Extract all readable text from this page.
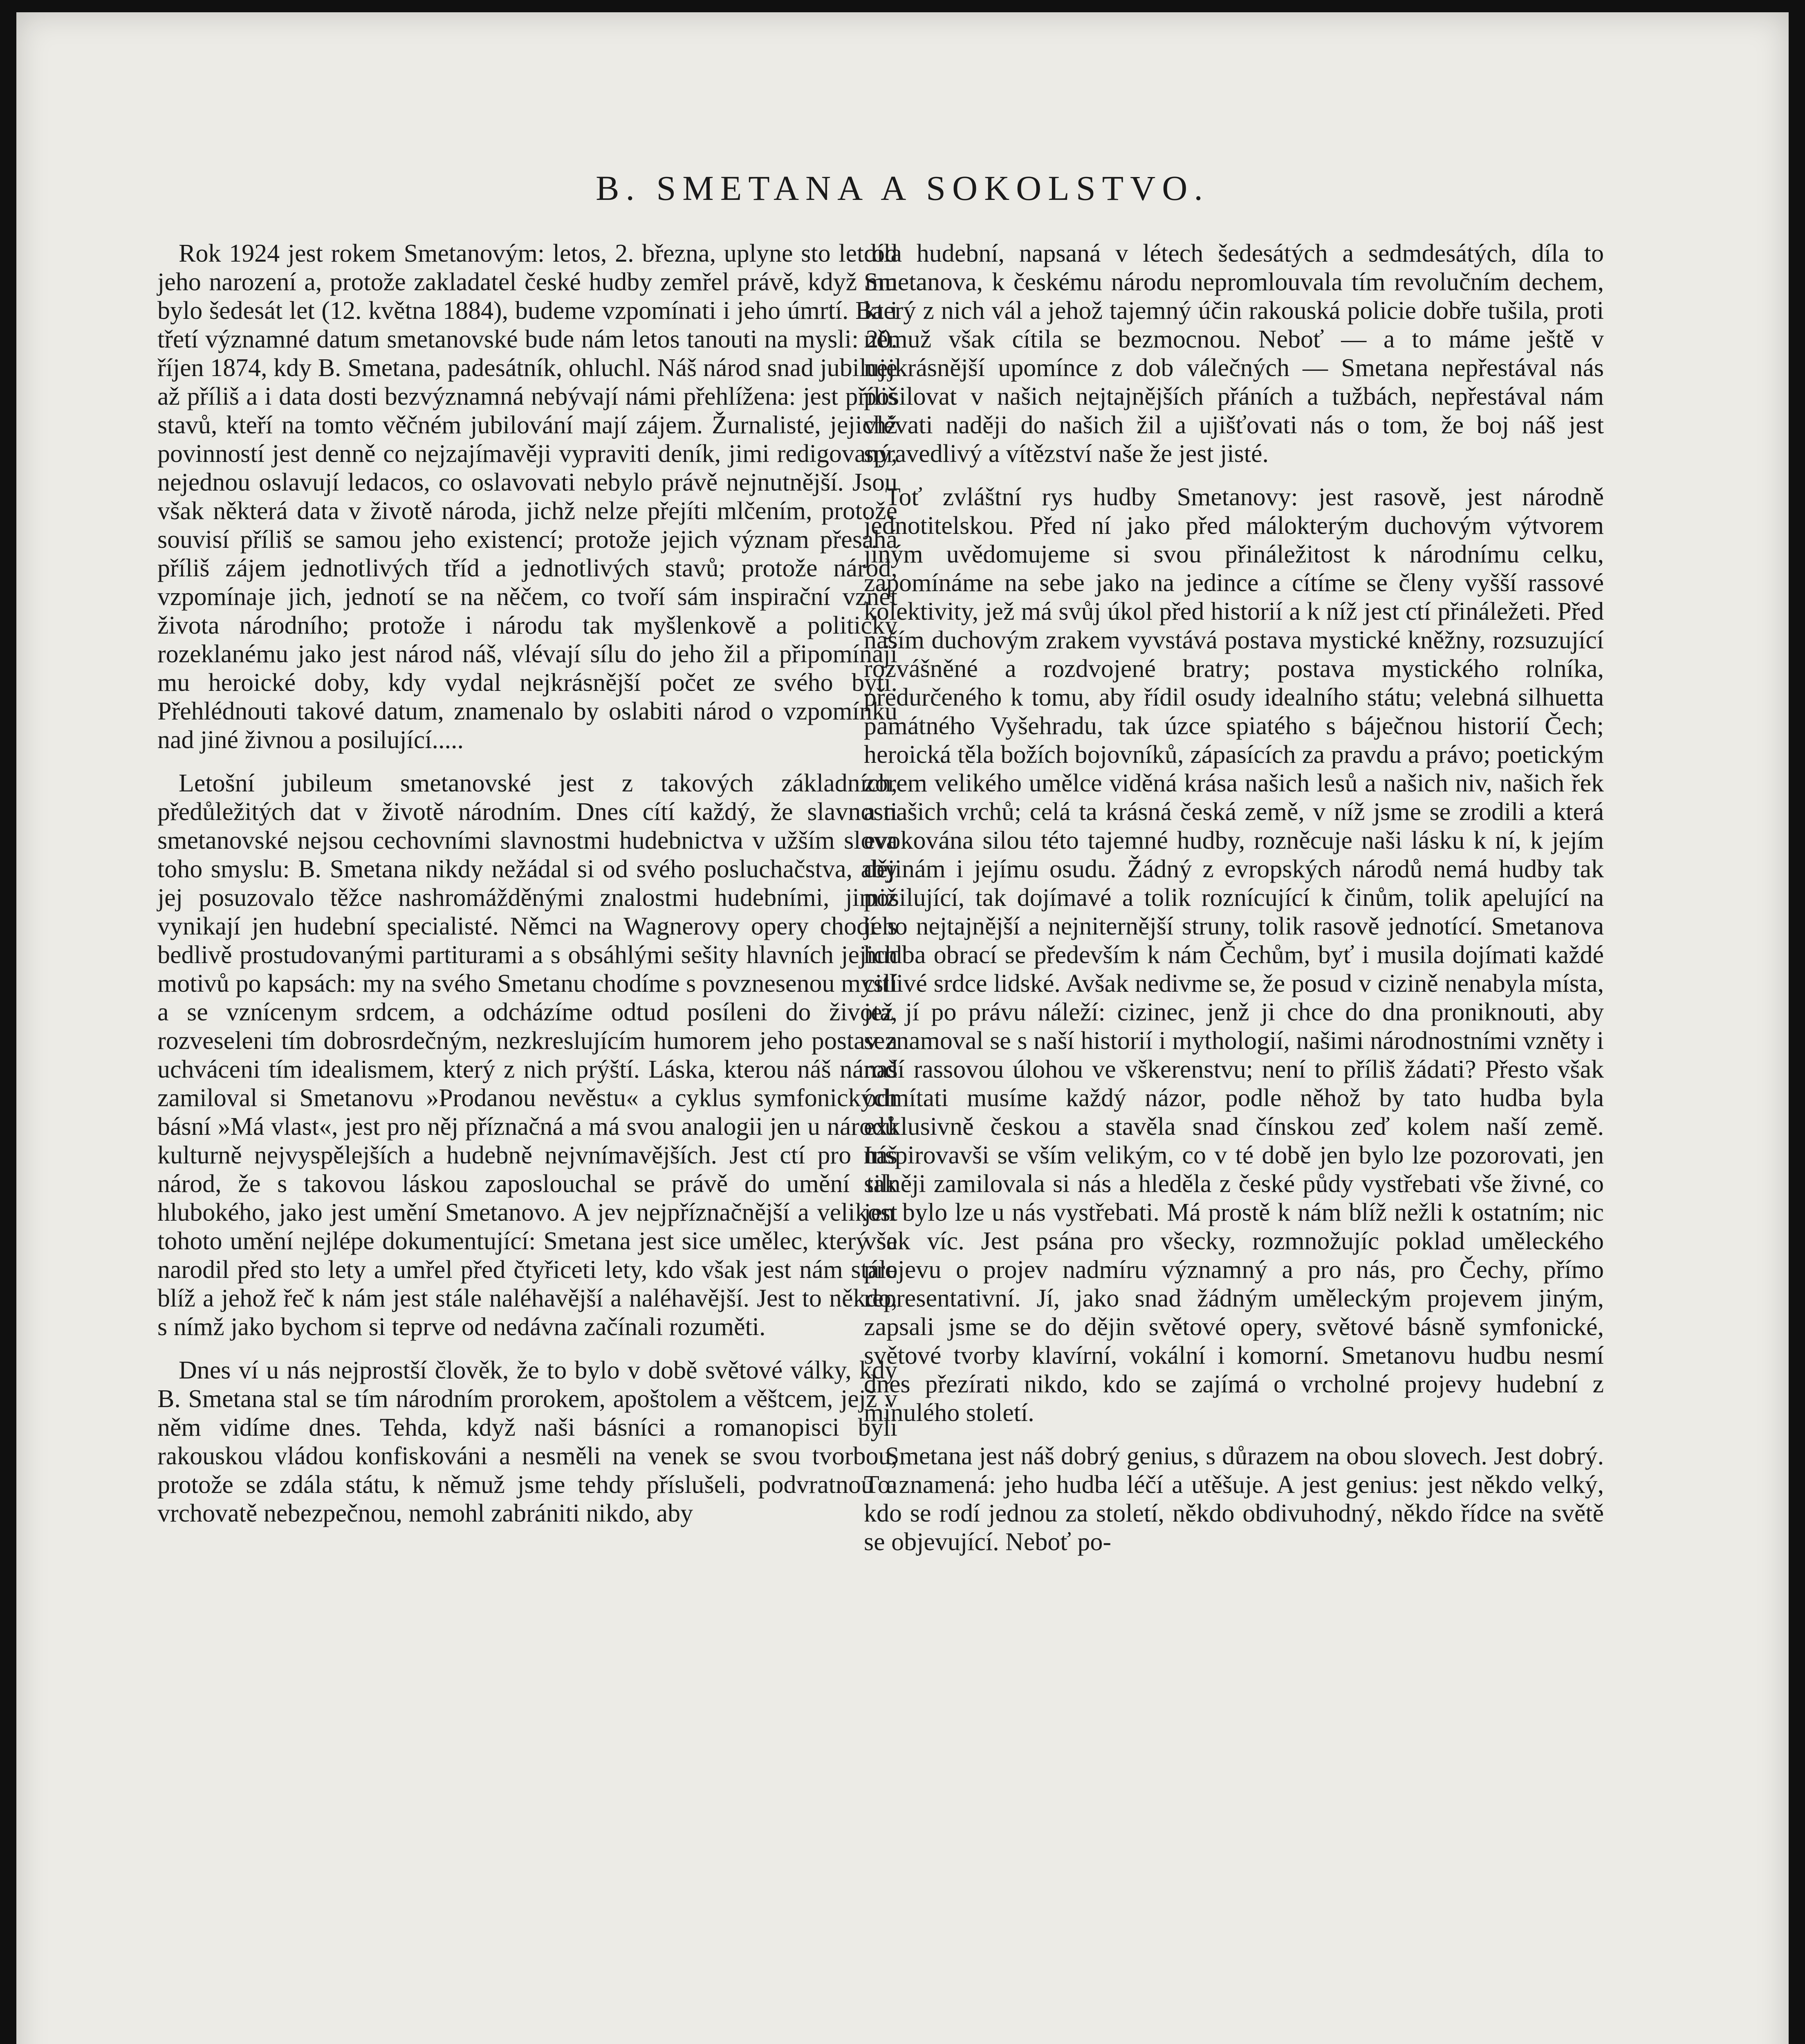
B. SMETANA A SOKOLSTVO.

Rok 1924 jest rokem Smetanovým: letos, 2. března, uplyne sto let od jeho narození a, protože zakladatel české hudby zemřel právě, když mu bylo šedesát let (12. května 1884), budeme vzpomínati i jeho úmrtí. Ba i třetí významné datum smetanovské bude nám letos tanouti na mysli: 20. říjen 1874, kdy B. Smetana, padesátník, ohluchl. Náš národ snad jubiluje až příliš a i data dosti bezvýznamná nebývají námi přehlížena: jest příliš stavů, kteří na tomto věčném jubilování mají zájem. Žurnalisté, jejichž povinností jest denně co nejzajímavěji vypraviti deník, jimi redigovaný, nejednou oslavují ledacos, co oslavovati nebylo právě nejnutnější. Jsou však některá data v životě národa, jichž nelze přejíti mlčením, protože souvisí příliš se samou jeho existencí; protože jejich význam přesahá příliš zájem jednotlivých tříd a jednotlivých stavů; protože národ, vzpomínaje jich, jednotí se na něčem, co tvoří sám inspirační vznět života národního; protože i národu tak myšlenkově a politicky rozeklanému jako jest národ náš, vlévají sílu do jeho žil a připomínají mu heroické doby, kdy vydal nejkrásnější počet ze svého bytí. Přehlédnouti takové datum, znamenalo by oslabiti národ o vzpomínku nad jiné živnou a posilující.....

Letošní jubileum smetanovské jest z takových základních, předůležitých dat v životě národním. Dnes cítí každý, že slavnosti smetanovské nejsou cechovními slavnostmi hudebnictva v užším slova toho smyslu: B. Smetana nikdy nežádal si od svého posluchačstva, aby jej posuzovalo těžce nashromážděnými znalostmi hudebními, jimiž vynikají jen hudební specialisté. Němci na Wagnerovy opery chodí s bedlivě prostudovanými partiturami a s obsáhlými sešity hlavních jejich motivů po kapsách: my na svého Smetanu chodíme s povznesenou myslí a se vznícenym srdcem, a odcházíme odtud posíleni do života, rozveseleni tím dobrosrdečným, nezkreslujícím humorem jeho postav a uchváceni tím idealismem, který z nich prýští. Láska, kterou náš národ zamiloval si Smetanovu »Prodanou nevěstu« a cyklus symfonických básní »Má vlast«, jest pro něj příznačná a má svou analogii jen u národů kulturně nejvyspělejších a hudebně nejvnímavějších. Jest ctí pro náš národ, že s takovou láskou zaposlouchal se právě do umění tak hlubokého, jako jest umění Smetanovo. A jev nejpříznačnější a velikost tohoto umění nejlépe dokumentující: Smetana jest sice umělec, který se narodil před sto lety a umřel před čtyřiceti lety, kdo však jest nám stále blíž a jehož řeč k nám jest stále naléhavější a naléhavější. Jest to někdo, s nímž jako bychom si teprve od nedávna začínali rozuměti.

Dnes ví u nás nejprostší člověk, že to bylo v době světové války, kdy B. Smetana stal se tím národním prorokem, apoštolem a věštcem, jejž v něm vidíme dnes. Tehda, když naši básníci a romanopisci byli rakouskou vládou konfiskováni a nesměli na venek se svou tvorbou, protože se zdála státu, k němuž jsme tehdy příslušeli, podvratnou a vrchovatě nebezpečnou, nemohl zabrániti nikdo, aby

díla hudební, napsaná v létech šedesátých a sedmdesátých, díla to Smetanova, k českému národu nepromlouvala tím revolučním dechem, který z nich vál a jehož tajemný účin rakouská policie dobře tušila, proti němuž však cítila se bezmocnou. Neboť — a to máme ještě v nejkrásnější upomínce z dob válečných — Smetana nepřestával nás posilovat v našich nejtajnějších přáních a tužbách, nepřestával nám vlévati naději do našich žil a ujišťovati nás o tom, že boj náš jest spravedlivý a vítězství naše že jest jisté.

Toť zvláštní rys hudby Smetanovy: jest rasově, jest národně jednotitelskou. Před ní jako před málokterým duchovým výtvorem jiným uvědomujeme si svou přináležitost k národnímu celku, zapomínáme na sebe jako na jedince a cítíme se členy vyšší rassové kolektivity, jež má svůj úkol před historií a k níž jest ctí přináležeti. Před naším duchovým zrakem vyvstává postava mystické kněžny, rozsuzující rozvášněné a rozdvojené bratry; postava mystického rolníka, předurčeného k tomu, aby řídil osudy idealního státu; velebná silhuetta památného Vyšehradu, tak úzce spiatého s báječnou historií Čech; heroická těla božích bojovníků, zápasících za pravdu a právo; poetickým zorem velikého umělce viděná krása našich lesů a našich niv, našich řek a našich vrchů; celá ta krásná česká země, v níž jsme se zrodili a která evokována silou této tajemné hudby, rozněcuje naši lásku k ní, k jejím dějinám i jejímu osudu. Žádný z evropských národů nemá hudby tak posilující, tak dojímavé a tolik roznícující k činům, tolik apelující na jeho nejtajnější a nejniternější struny, tolik rasově jednotící. Smetanova hudba obrací se především k nám Čechům, byť i musila dojímati každé citlivé srdce lidské. Avšak nedivme se, že posud v cizině nenabyla místa, jež jí po právu náleží: cizinec, jenž ji chce do dna proniknouti, aby seznamoval se s naší historií i mythologií, našimi národnostními vznětу i naší rassovou úlohou ve vškerenstvu; není to příliš žádati? Přesto však odmítati musíme každý názor, podle něhož by tato hudba byla exklusivně českou a stavěla snad čínskou zeď kolem naší země. Inspirovavši se vším velikým, co v té době jen bylo lze pozorovati, jen silněji zamilovala si nás a hleděla z české půdy vystřebati vše živné, co jen bylo lze u nás vystřebati. Má prostě k nám blíž nežli k ostatním; nic však víc. Jest psána pro všecky, rozmnožujíc poklad uměleckého projevu o projev nadmíru významný a pro nás, pro Čechy, přímo representativní. Jí, jako snad žádným uměleckým projevem jiným, zapsali jsme se do dějin světové opery, světové básně symfonické, světové tvorby klavírní, vokální i komorní. Smetanovu hudbu nesmí dnes přezírati nikdo, kdo se zajímá o vrcholné projevy hudební z minulého století.

Smetana jest náš dobrý genius, s důrazem na obou slovech. Jest dobrý. To znamená: jeho hudba léčí a utěšuje. A jest genius: jest někdo velký, kdo se rodí jednou za století, někdo obdivuhodný, někdo řídce na světě se objevující. Neboť po-
